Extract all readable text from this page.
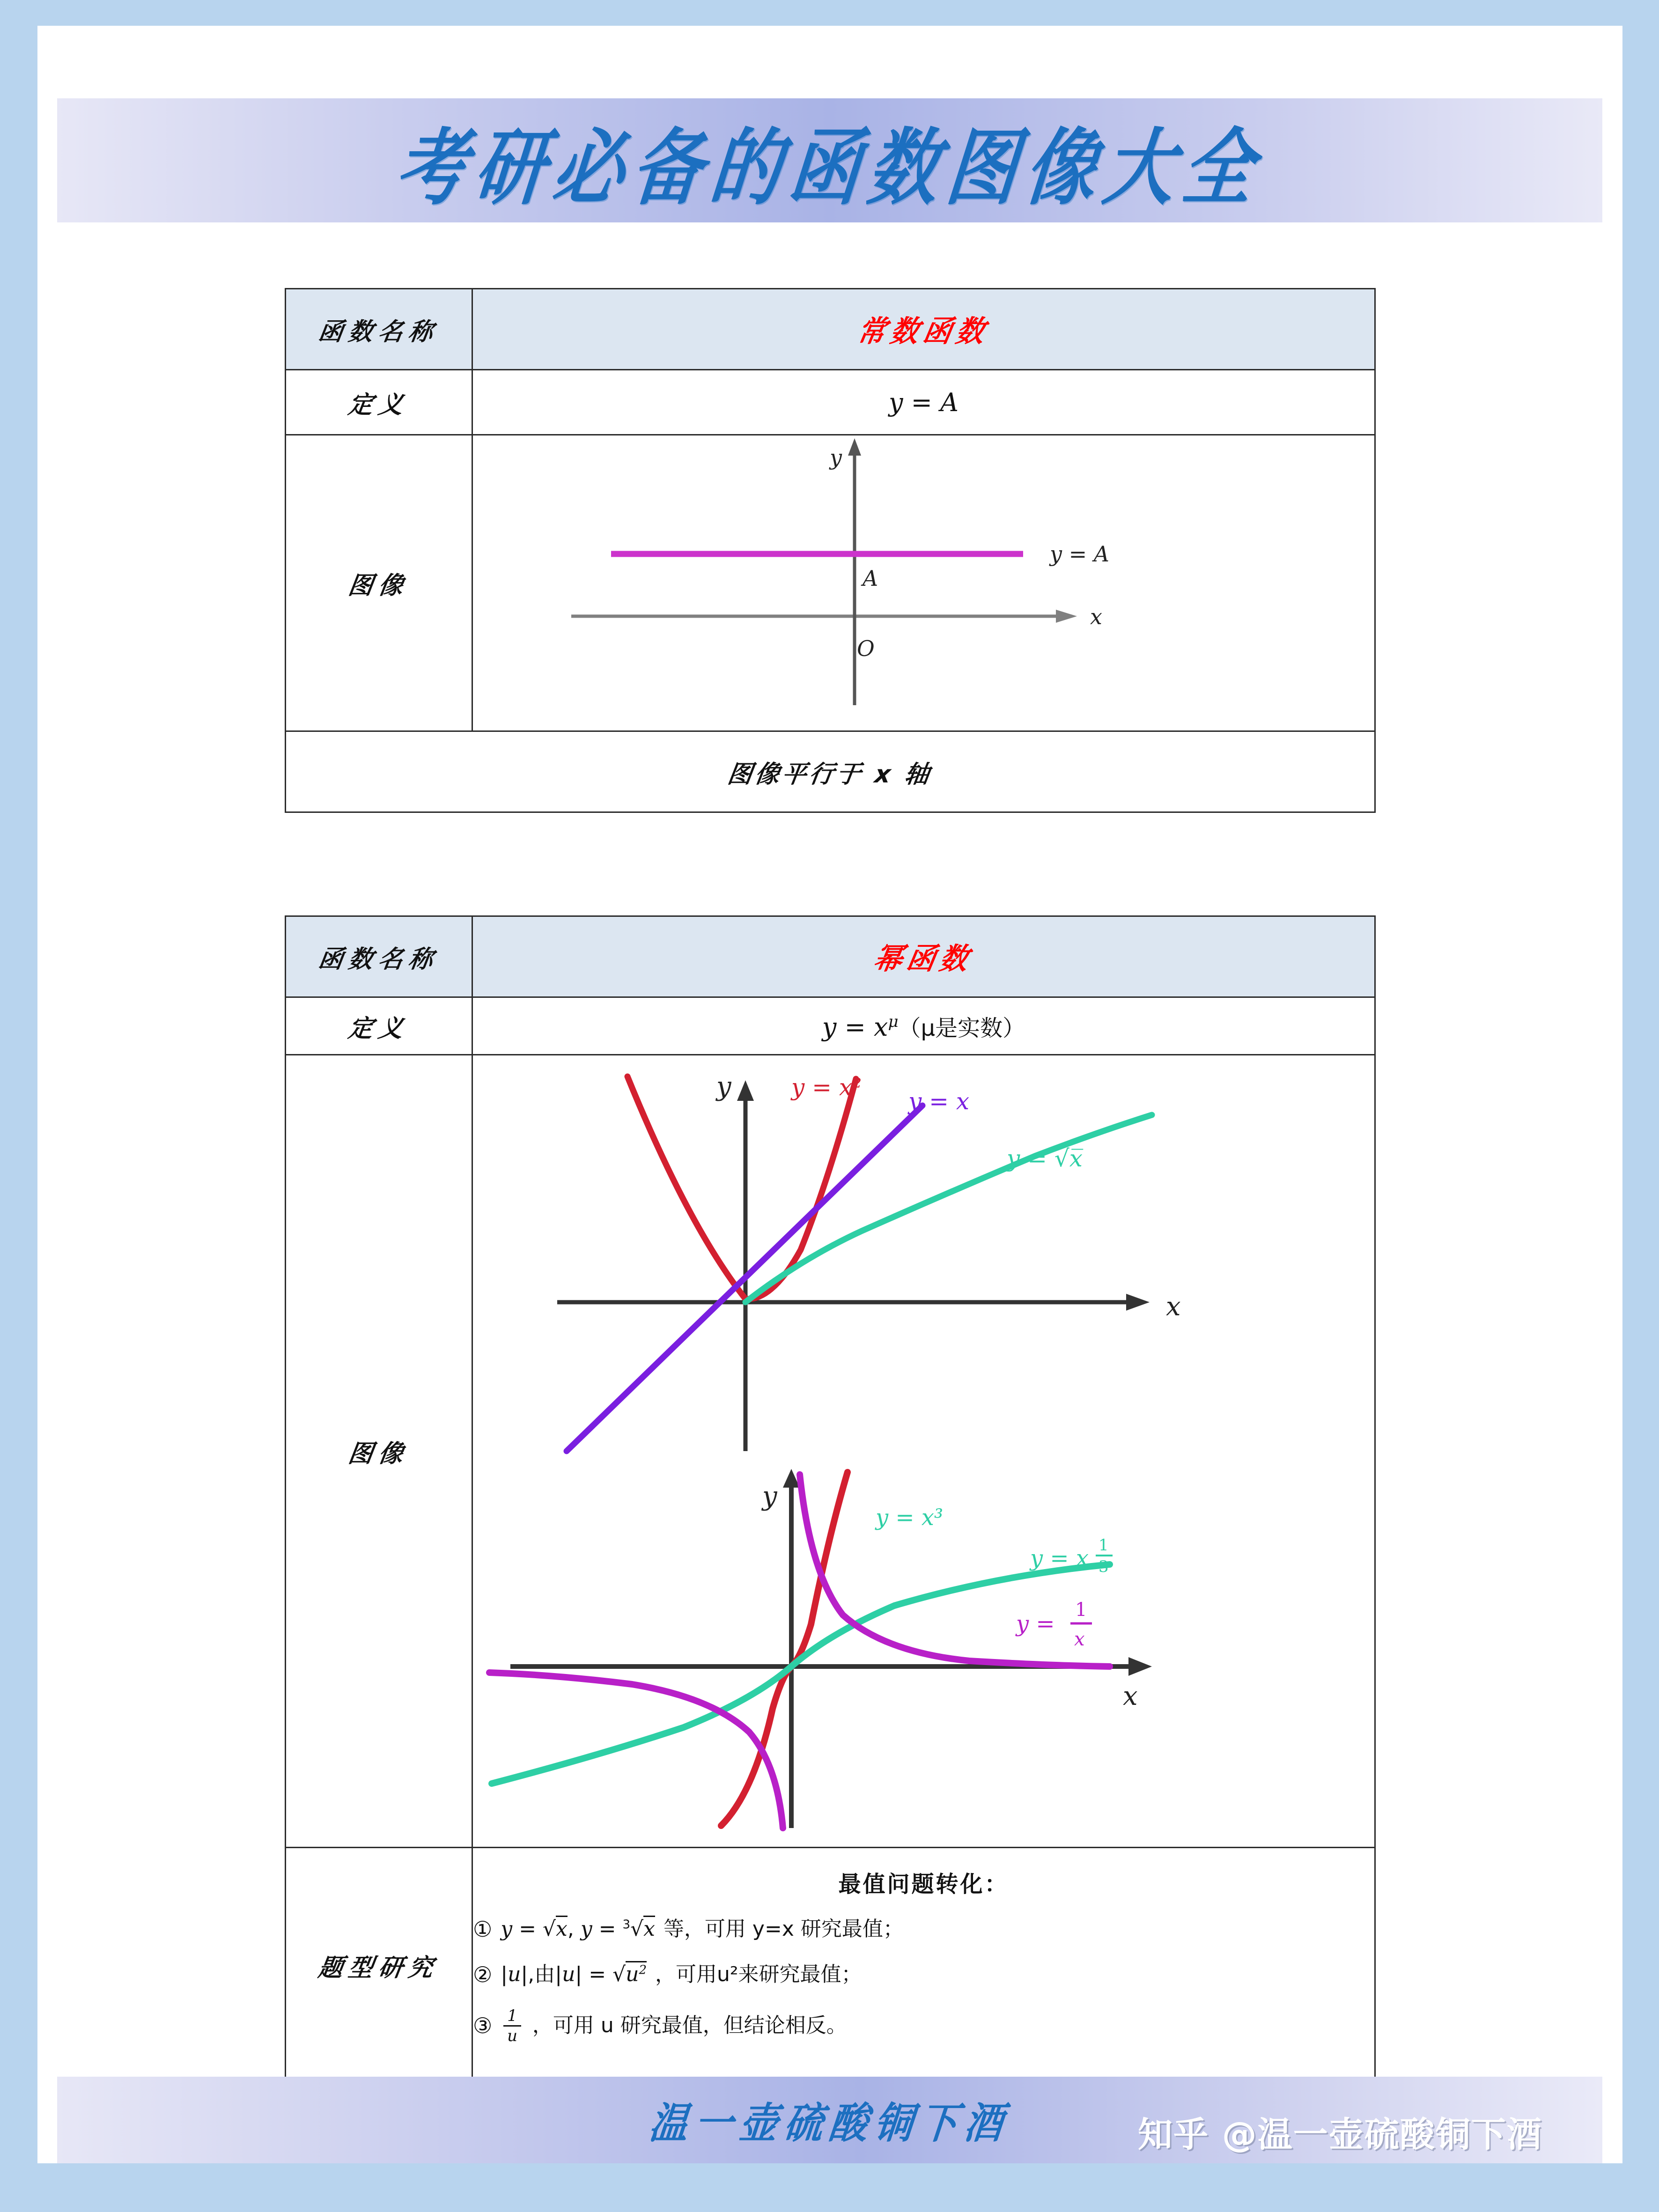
考研必备的函数图像大全
函数名称	常数函数
定义	y = A
图像	y
x
A
O
y = A

图像平行于 x 轴	
函数名称	幂函数
定义	$y = x^\mu(\mu$是实数）
图像	
y
x
y = x²
y = x
y = √x̅
y
x
y = x³
y = x 1
3
y =
1
x

题型研究	
最值问题转化：
① y = √x, y = $^3$√x 等，可用 y=x 研究最值；
② |u|,由$|u| = √u^2$ ，可用u²来研究最值；
③ $\frac{1}{u}$ ，可用 u 研究最值，但结论相反。
温一壶硫酸铜下酒	知乎 @温一壶硫酸铜下酒
